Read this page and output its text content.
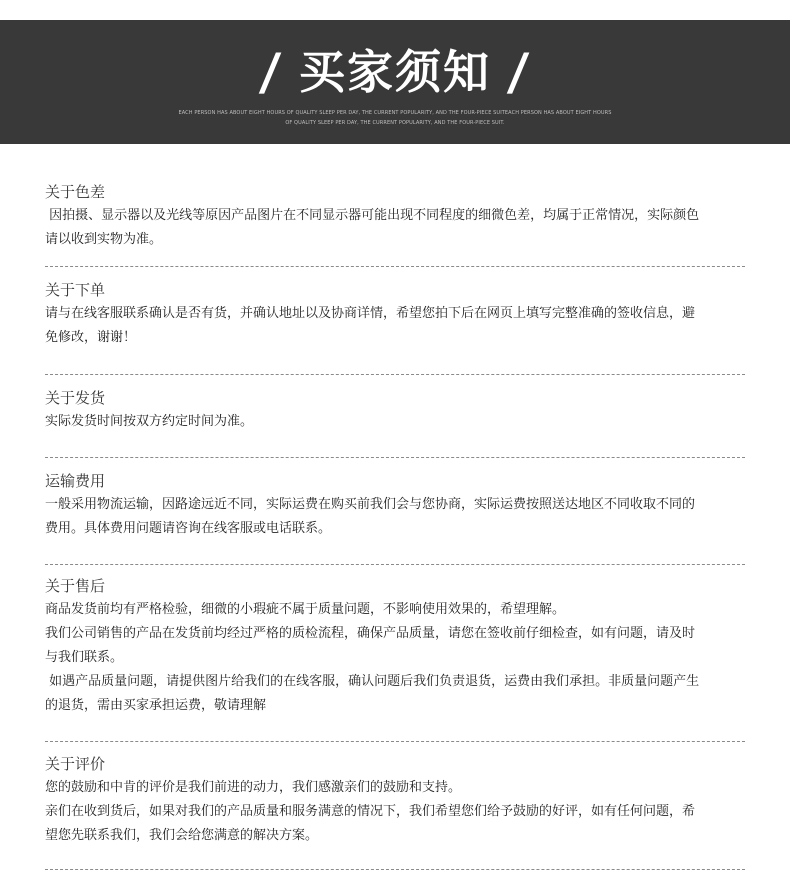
/ 买家须知 /
EACH PERSON HAS ABOUT EIGHT HOURS OF QUALITY SLEEP PER DAY, THE CURRENT POPULARITY, AND THE FOUR-PIECE SUITEACH PERSON HAS ABOUT EIGHT HOURS
OF QUALITY SLEEP PER DAY, THE CURRENT POPULARITY, AND THE FOUR-PIECE SUIT.
关于色差

因拍摄、显示器以及光线等原因产品图片在不同显示器可能出现不同程度的细微色差，均属于正常情况，实际颜色

请以收到实物为准。

关于下单

请与在线客服联系确认是否有货，并确认地址以及协商详情，希望您拍下后在网页上填写完整准确的签收信息，避

免修改，谢谢！

关于发货

实际发货时间按双方约定时间为准。

运输费用

一般采用物流运输，因路途远近不同，实际运费在购买前我们会与您协商，实际运费按照送达地区不同收取不同的

费用。具体费用问题请咨询在线客服或电话联系。

关于售后

商品发货前均有严格检验，细微的小瑕疵不属于质量问题，不影响使用效果的，希望理解。

我们公司销售的产品在发货前均经过严格的质检流程，确保产品质量，请您在签收前仔细检查，如有问题，请及时

与我们联系。

如遇产品质量问题，请提供图片给我们的在线客服，确认问题后我们负责退货，运费由我们承担。非质量问题产生

的退货，需由买家承担运费，敬请理解

关于评价

您的鼓励和中肯的评价是我们前进的动力，我们感激亲们的鼓励和支持。

亲们在收到货后，如果对我们的产品质量和服务满意的情况下，我们希望您们给予鼓励的好评，如有任何问题，希

望您先联系我们，我们会给您满意的解决方案。
